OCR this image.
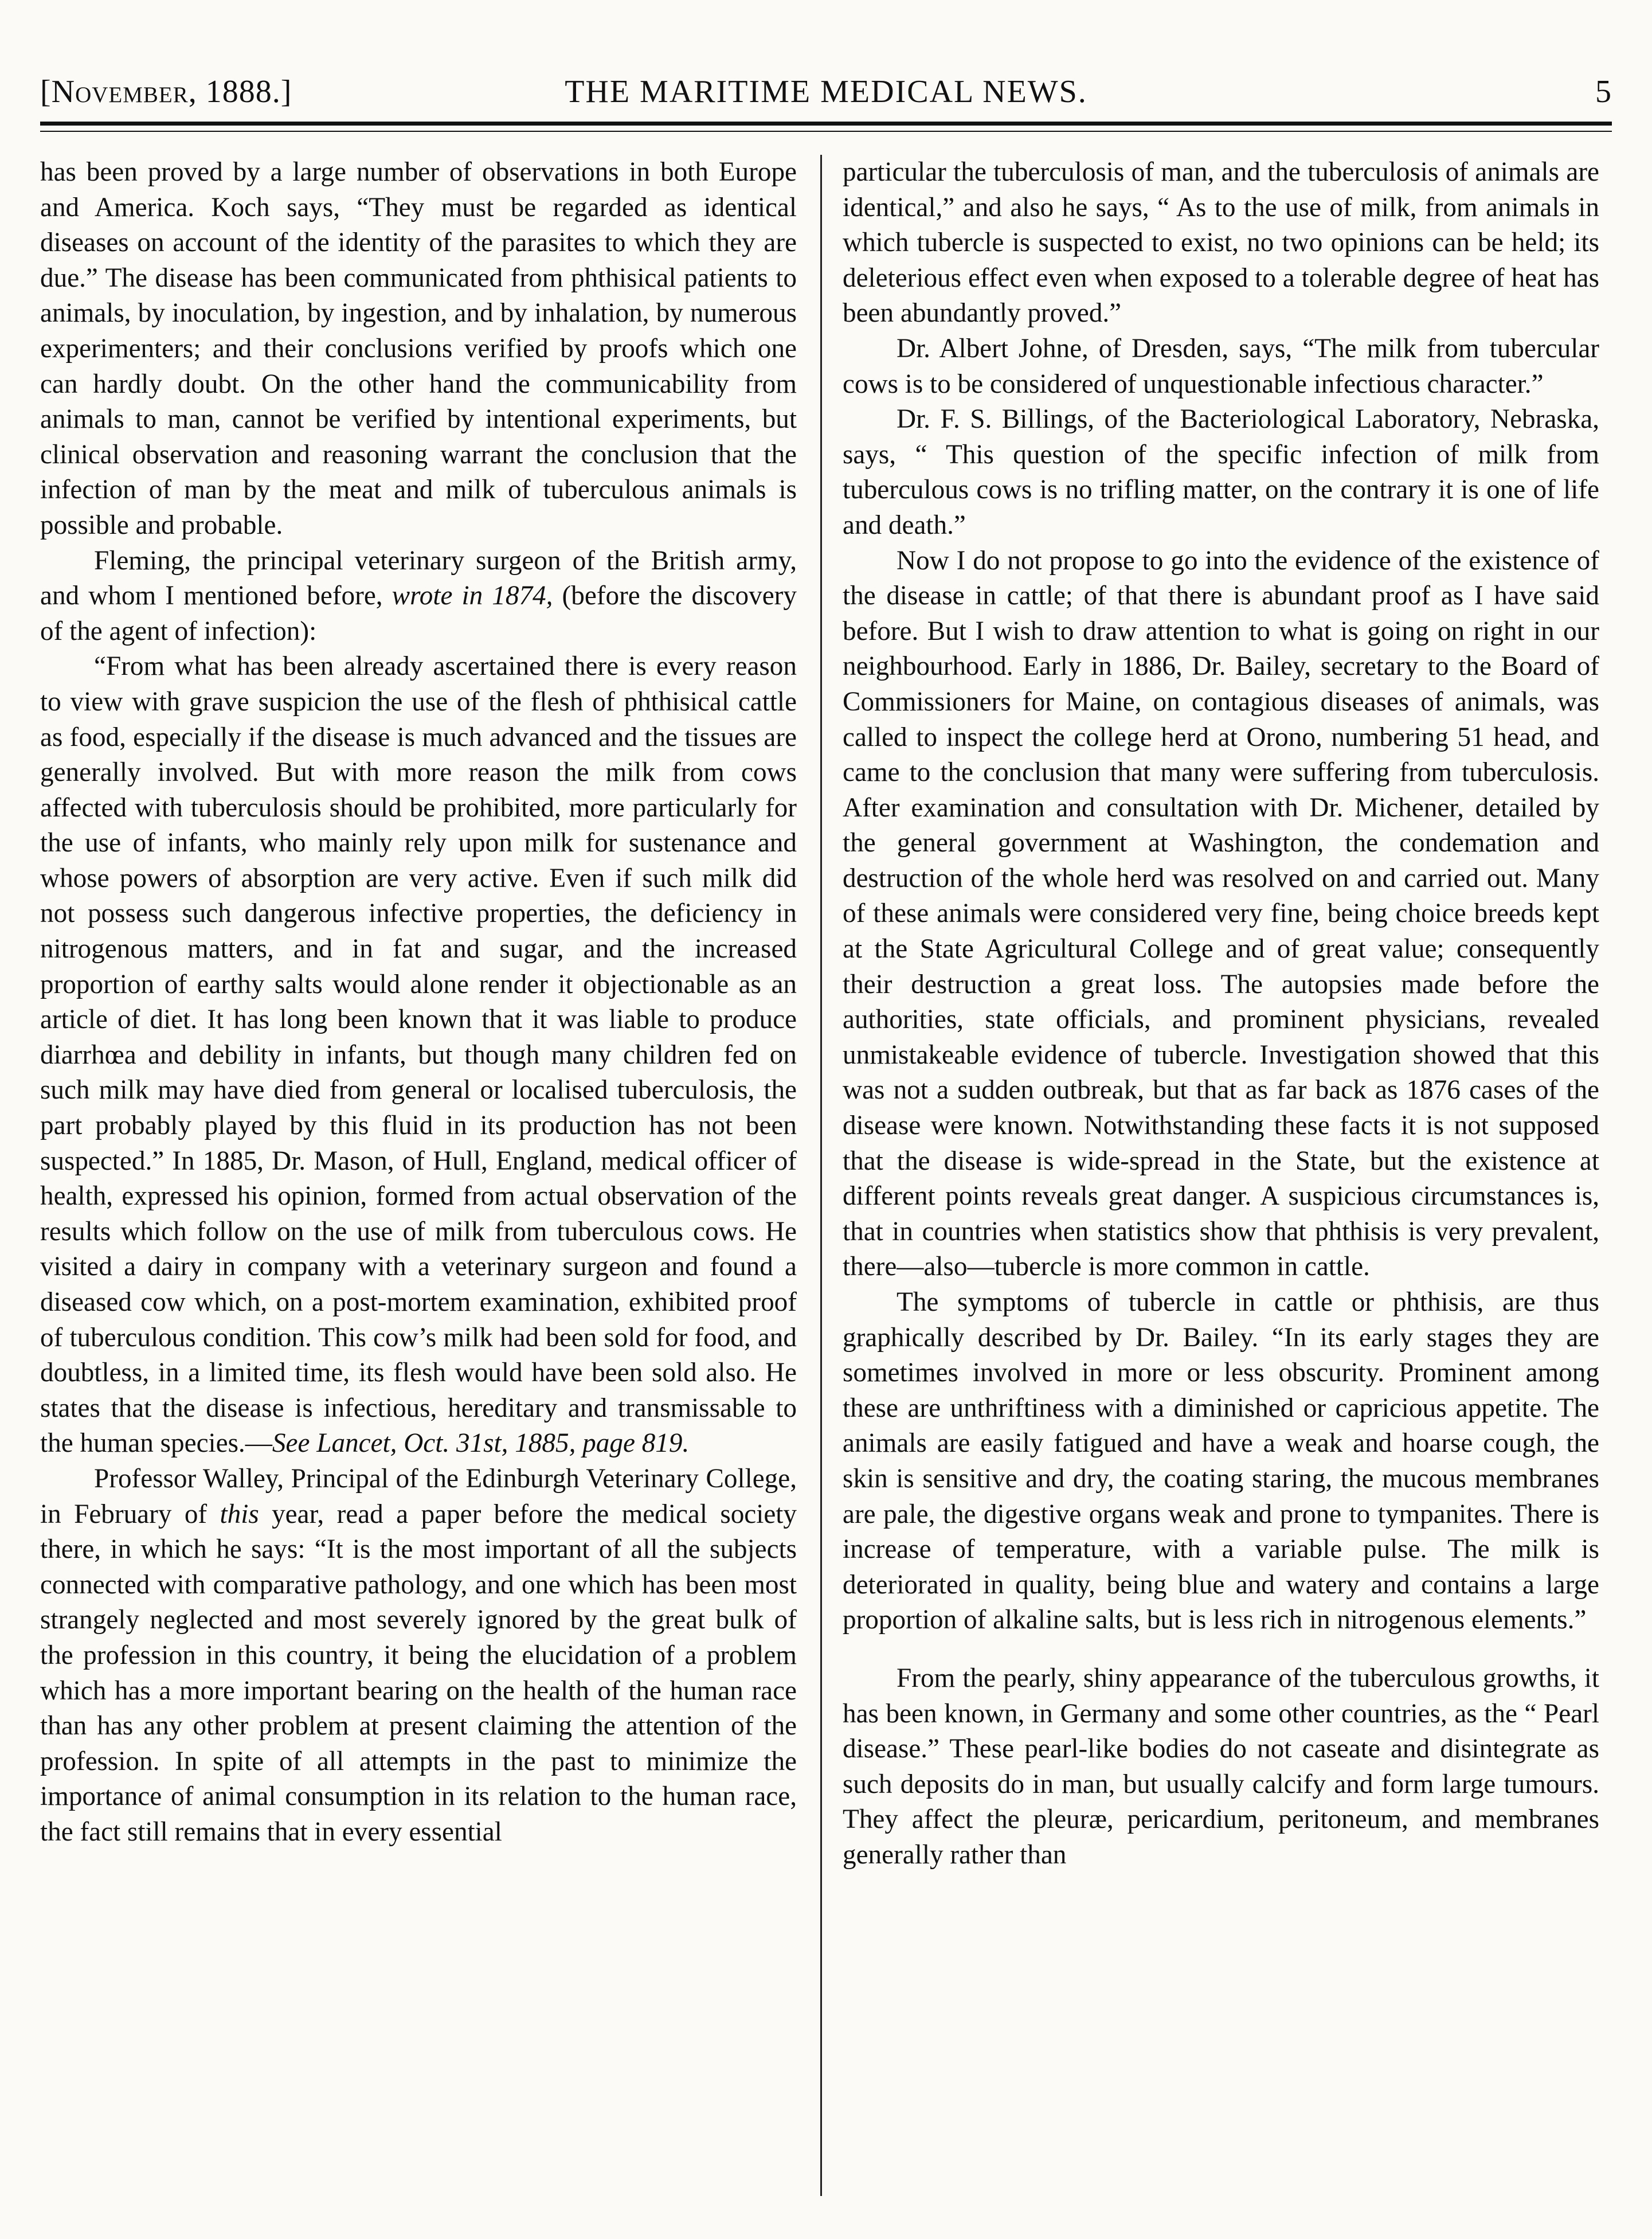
[November, 1888.]	THE MARITIME MEDICAL NEWS.	5

has been proved by a large number of observations in both Europe and America. Koch says, “They must be regarded as identical diseases on account of the identity of the parasites to which they are due.” The disease has been communicated from phthisical patients to animals, by inoculation, by ingestion, and by inhalation, by numerous experimenters; and their conclusions verified by proofs which one can hardly doubt. On the other hand the communicability from animals to man, cannot be verified by intentional experiments, but clinical observation and reasoning warrant the conclusion that the infection of man by the meat and milk of tuberculous animals is possible and probable.

Fleming, the principal veterinary surgeon of the British army, and whom I mentioned before, wrote in 1874, (before the discovery of the agent of infection):

“From what has been already ascertained there is every reason to view with grave suspicion the use of the flesh of phthisical cattle as food, especially if the disease is much advanced and the tissues are generally involved. But with more reason the milk from cows affected with tuberculosis should be prohibited, more particularly for the use of infants, who mainly rely upon milk for sustenance and whose powers of absorption are very active. Even if such milk did not possess such dangerous infective properties, the deficiency in nitrogenous matters, and in fat and sugar, and the increased proportion of earthy salts would alone render it objectionable as an article of diet. It has long been known that it was liable to produce diarrhœa and debility in infants, but though many children fed on such milk may have died from general or localised tuberculosis, the part probably played by this fluid in its production has not been suspected.” In 1885, Dr. Mason, of Hull, England, medical officer of health, expressed his opinion, formed from actual observation of the results which follow on the use of milk from tuberculous cows. He visited a dairy in company with a veterinary surgeon and found a diseased cow which, on a post-mortem examination, exhibited proof of tuberculous condition. This cow’s milk had been sold for food, and doubtless, in a limited time, its flesh would have been sold also. He states that the disease is infectious, hereditary and transmissable to the human species.—See Lancet, Oct. 31st, 1885, page 819.

Professor Walley, Principal of the Edinburgh Veterinary College, in February of this year, read a paper before the medical society there, in which he says: “It is the most important of all the subjects connected with comparative pathology, and one which has been most strangely neglected and most severely ignored by the great bulk of the profession in this country, it being the elucidation of a problem which has a more important bearing on the health of the human race than has any other problem at present claiming the attention of the profession. In spite of all attempts in the past to minimize the importance of animal consumption in its relation to the human race, the fact still remains that in every essential

particular the tuberculosis of man, and the tuberculosis of animals are identical,” and also he says, “ As to the use of milk, from animals in which tubercle is suspected to exist, no two opinions can be held; its deleterious effect even when exposed to a tolerable degree of heat has been abundantly proved.”

Dr. Albert Johne, of Dresden, says, “The milk from tubercular cows is to be considered of unquestionable infectious character.”

Dr. F. S. Billings, of the Bacteriological Laboratory, Nebraska, says, “ This question of the specific infection of milk from tuberculous cows is no trifling matter, on the contrary it is one of life and death.”

Now I do not propose to go into the evidence of the existence of the disease in cattle; of that there is abundant proof as I have said before. But I wish to draw attention to what is going on right in our neighbourhood. Early in 1886, Dr. Bailey, secretary to the Board of Commissioners for Maine, on contagious diseases of animals, was called to inspect the college herd at Orono, numbering 51 head, and came to the conclusion that many were suffering from tuberculosis. After examination and consultation with Dr. Michener, detailed by the general government at Washington, the condemation and destruction of the whole herd was resolved on and carried out. Many of these animals were considered very fine, being choice breeds kept at the State Agricultural College and of great value; consequently their destruction a great loss. The autopsies made before the authorities, state officials, and prominent physicians, revealed unmistakeable evidence of tubercle. Investigation showed that this was not a sudden outbreak, but that as far back as 1876 cases of the disease were known. Notwithstanding these facts it is not supposed that the disease is wide-spread in the State, but the existence at different points reveals great danger. A suspicious circumstances is, that in countries when statistics show that phthisis is very prevalent, there—also—tubercle is more common in cattle.

The symptoms of tubercle in cattle or phthisis, are thus graphically described by Dr. Bailey. “In its early stages they are sometimes involved in more or less obscurity. Prominent among these are unthriftiness with a diminished or capricious appetite. The animals are easily fatigued and have a weak and hoarse cough, the skin is sensitive and dry, the coating staring, the mucous membranes are pale, the digestive organs weak and prone to tympanites. There is increase of temperature, with a variable pulse. The milk is deteriorated in quality, being blue and watery and contains a large proportion of alkaline salts, but is less rich in nitrogenous elements.”

From the pearly, shiny appearance of the tuberculous growths, it has been known, in Germany and some other countries, as the “ Pearl disease.” These pearl-like bodies do not caseate and disintegrate as such deposits do in man, but usually calcify and form large tumours. They affect the pleuræ, pericardium, peritoneum, and membranes generally rather than
